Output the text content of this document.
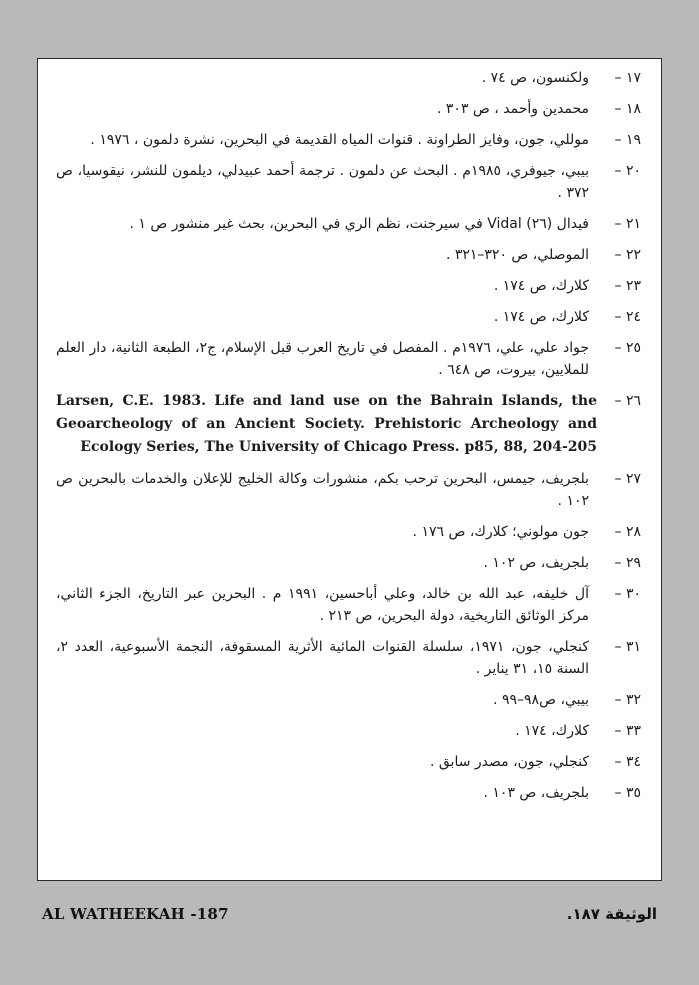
١٧ –
ولكنسون، ص ٧٤ .
١٨ –
محمدين وأحمد ، ص ٣٠٣ .
١٩ –
موللي، جون، وفايز الطراونة . قنوات المياه القديمة في البحرين، نشرة دلمون ، ١٩٧٦ .
٢٠ –
بيبي، جيوفري، ١٩٨٥م . البحث عن دلمون . ترجمة أحمد عبيدلي، ديلمون للنشر، نيقوسيا، ص ٣٧٢ .
٢١ –
فيدال (٢٦) Vidal في سيرجنت، نظم الري في البحرين، بحث غير منشور ص ١ .
٢٢ –
الموصلي، ص ٣٢٠–٣٢١ .
٢٣ –
كلارك، ص ١٧٤ .
٢٤ –
كلارك، ص ١٧٤ .
٢٥ –
جواد علي، علي، ١٩٧٦م . المفصل في تاريخ العرب قبل الإسلام، ج٢، الطبعة الثانية، دار العلم للملايين، بيروت، ص ٦٤٨ .
٢٦ –
Larsen, C.E. 1983. Life and land use on the Bahrain Islands, the Geoarcheology of an Ancient Society. Prehistoric Archeology and Ecology Series, The University of Chicago Press. p85, 88, 204-205
٢٧ –
بلجريف، جيمس، البحرين ترحب بكم، منشورات وكالة الخليج للإعلان والخدمات بالبحرين ص ١٠٢ .
٢٨ –
جون مولوني؛ كلارك، ص ١٧٦ .
٢٩ –
بلجريف، ص ١٠٢ .
٣٠ –
آل خليفه، عبد الله بن خالد، وعلي أباحسين، ١٩٩١ م . البحرين عبر التاريخ، الجزء الثاني، مركز الوثائق التاريخية، دولة البحرين، ص ٢١٣ .
٣١ –
كنجلي، جون، ١٩٧١، سلسلة القنوات المائية الأثرية المسقوفة، النجمة الأسبوعية، العدد ٢، السنة ١٥، ٣١ يناير .
٣٢ –
بيبي، ص٩٨–٩٩ .
٣٣ –
كلارك، ١٧٤ .
٣٤ –
كنجلي، جون، مصدر سابق .
٣٥ –
بلجريف، ص ١٠٣ .
AL WATHEEKAH -187	الوثيقة ١٨٧.
